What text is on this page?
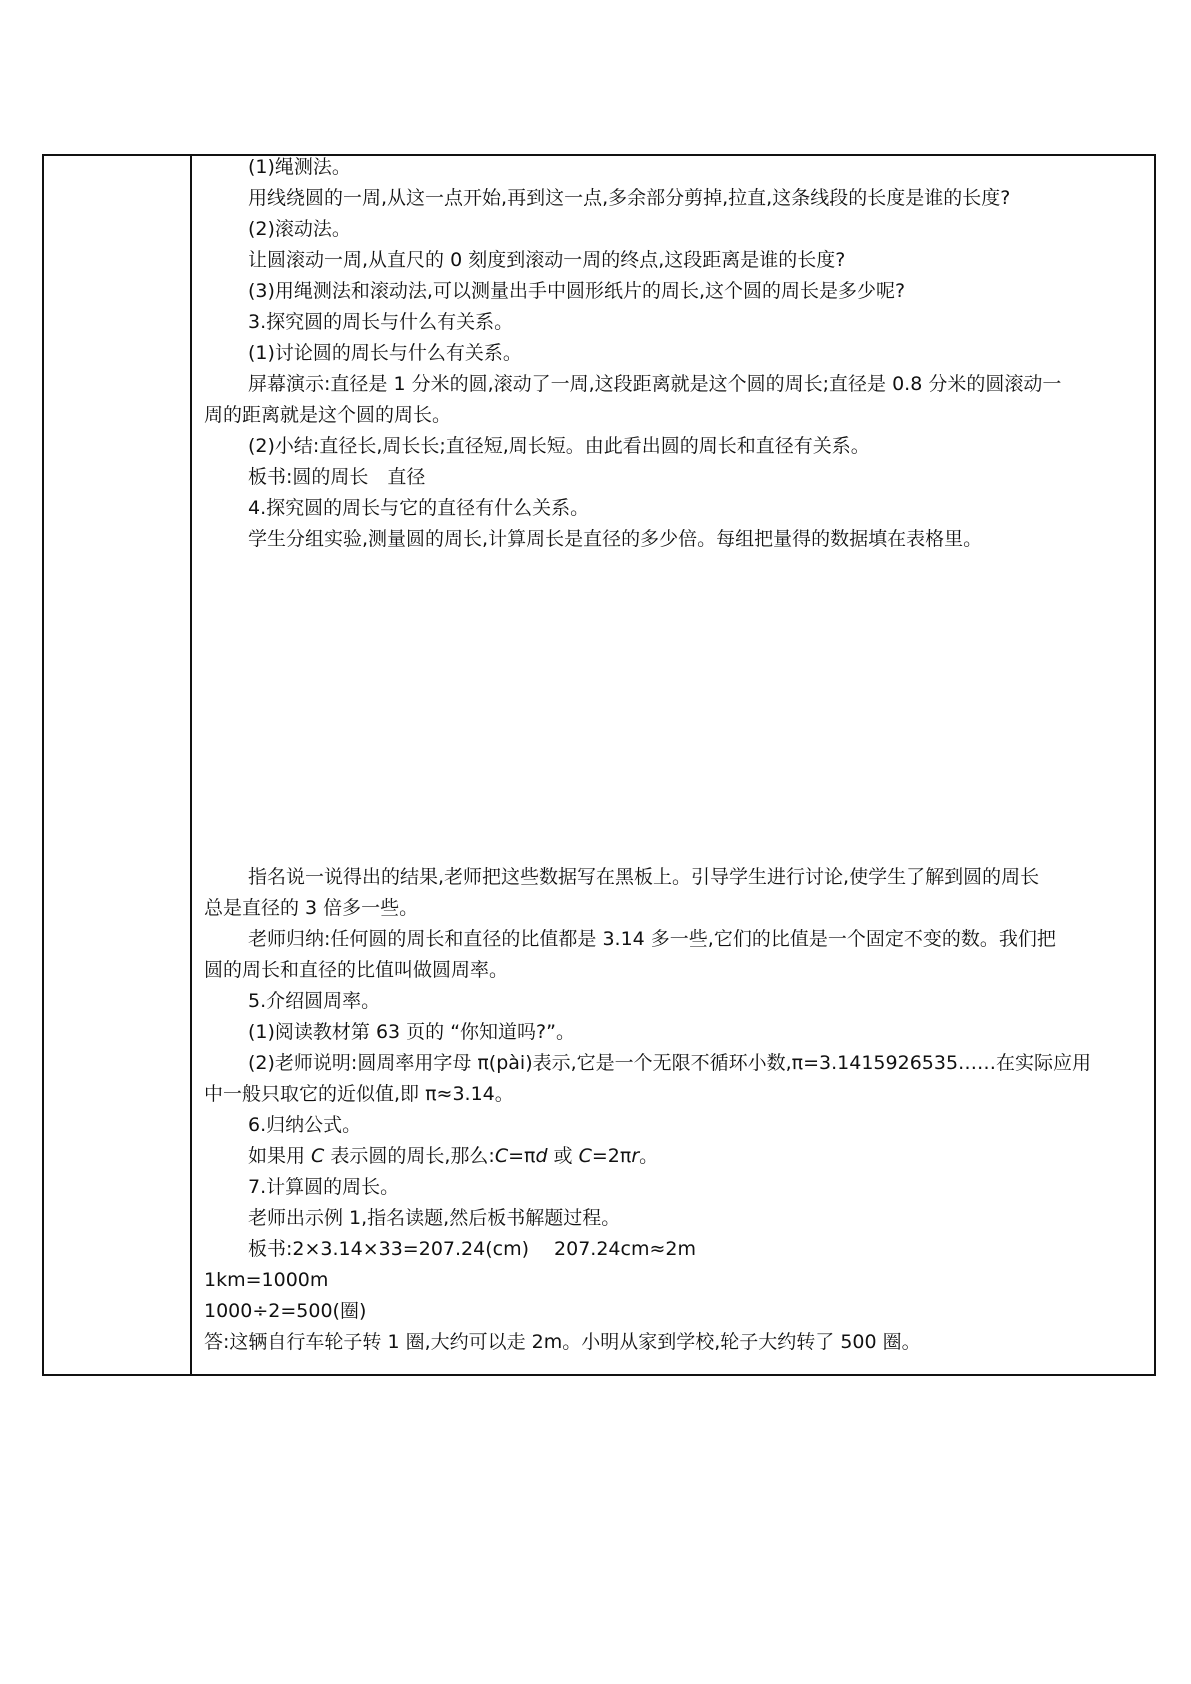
(1)绳测法。
用线绕圆的一周,从这一点开始,再到这一点,多余部分剪掉,拉直,这条线段的长度是谁的长度?
(2)滚动法。
让圆滚动一周,从直尺的 0 刻度到滚动一周的终点,这段距离是谁的长度?
(3)用绳测法和滚动法,可以测量出手中圆形纸片的周长,这个圆的周长是多少呢?
3.探究圆的周长与什么有关系。
(1)讨论圆的周长与什么有关系。
屏幕演示:直径是 1 分米的圆,滚动了一周,这段距离就是这个圆的周长;直径是 0.8 分米的圆滚动一
周的距离就是这个圆的周长。
(2)小结:直径长,周长长;直径短,周长短。由此看出圆的周长和直径有关系。
板书:圆的周长　直径
4.探究圆的周长与它的直径有什么关系。
学生分组实验,测量圆的周长,计算周长是直径的多少倍。每组把量得的数据填在表格里。
指名说一说得出的结果,老师把这些数据写在黑板上。引导学生进行讨论,使学生了解到圆的周长
总是直径的 3 倍多一些。
老师归纳:任何圆的周长和直径的比值都是 3.14 多一些,它们的比值是一个固定不变的数。我们把
圆的周长和直径的比值叫做圆周率。
5.介绍圆周率。
(1)阅读教材第 63 页的 “你知道吗?”。
(2)老师说明:圆周率用字母 π(pài)表示,它是一个无限不循环小数,π=3.1415926535……在实际应用
中一般只取它的近似值,即 π≈3.14。
6.归纳公式。
如果用 C 表示圆的周长,那么:C=πd 或 C=2πr。
7.计算圆的周长。
老师出示例 1,指名读题,然后板书解题过程。
板书:2×3.14×33=207.24(cm)　 207.24cm≈2m
1km=1000m
1000÷2=500(圈)
答:这辆自行车轮子转 1 圈,大约可以走 2m。小明从家到学校,轮子大约转了 500 圈。
